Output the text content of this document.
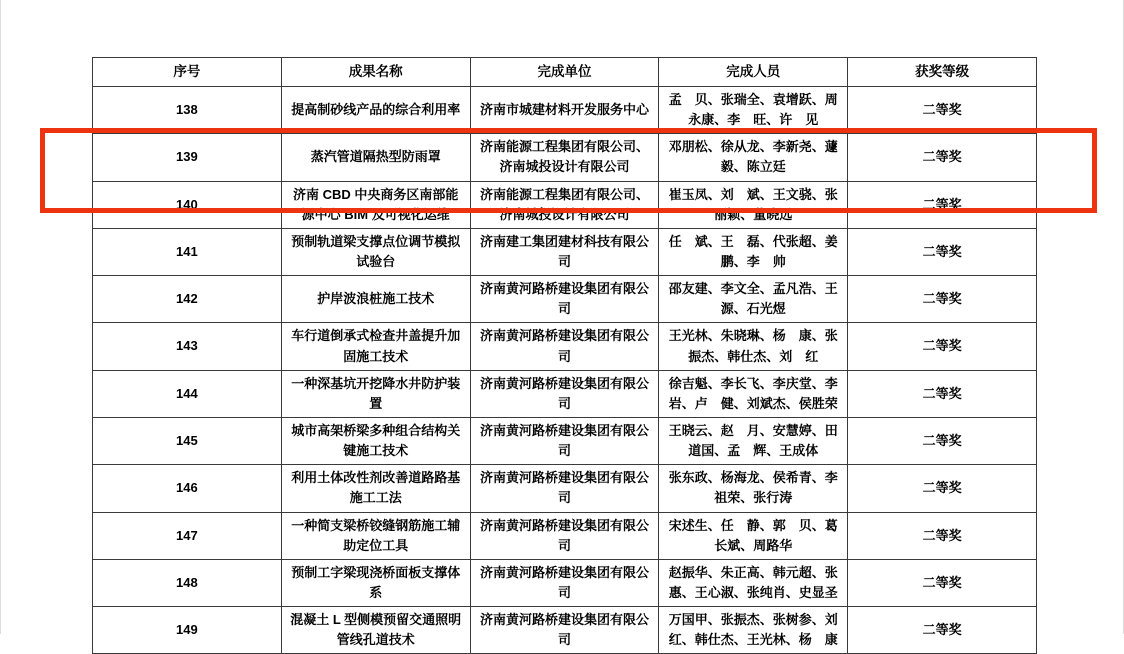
序号	成果名称	完成单位	完成人员	获奖等级
138	提高制砂线产品的综合利用率	济南市城建材料开发服务中心	孟　贝、张瑞全、袁增跃、周永康、李　旺、许　见	二等奖
139	蒸汽管道隔热型防雨罩	济南能源工程集团有限公司、济南城投设计有限公司	邓朋松、徐从龙、李新尧、蘧　毅、陈立廷	二等奖
140	济南 CBD 中央商务区南部能源中心 BIM 及可视化运维	济南能源工程集团有限公司、济南城投设计有限公司	崔玉凤、刘　斌、王文骁、张丽颖、董晓远	二等奖
141	预制轨道梁支撑点位调节模拟试验台	济南建工集团建材科技有限公司	任　斌、王　磊、代张超、姜　鹏、李　帅	二等奖
142	护岸波浪桩施工技术	济南黄河路桥建设集团有限公司	邵友建、李文全、孟凡浩、王　源、石光煜	二等奖
143	车行道倒承式检查井盖提升加固施工技术	济南黄河路桥建设集团有限公司	王光林、朱晓琳、杨　康、张振杰、韩仕杰、刘　红	二等奖
144	一种深基坑开挖降水井防护装置	济南黄河路桥建设集团有限公司	徐吉魁、李长飞、李庆堂、李　岩、卢　健、刘斌杰、侯胜荣	二等奖
145	城市高架桥梁多种组合结构关键施工技术	济南黄河路桥建设集团有限公司	王晓云、赵　月、安慧婷、田道国、孟　辉、王成体	二等奖
146	利用土体改性剂改善道路路基施工工法	济南黄河路桥建设集团有限公司	张东政、杨海龙、侯希青、李祖荣、张行涛	二等奖
147	一种简支梁桥铰缝钢筋施工辅助定位工具	济南黄河路桥建设集团有限公司	宋述生、任　静、郭　贝、葛长斌、周路华	二等奖
148	预制工字梁现浇桥面板支撑体系	济南黄河路桥建设集团有限公司	赵振华、朱正高、韩元超、张　惠、王心淑、张纯肖、史显圣	二等奖
149	混凝土 L 型侧模预留交通照明管线孔道技术	济南黄河路桥建设集团有限公司	万国甲、张振杰、张树参、刘　红、韩仕杰、王光林、杨　康	二等奖
